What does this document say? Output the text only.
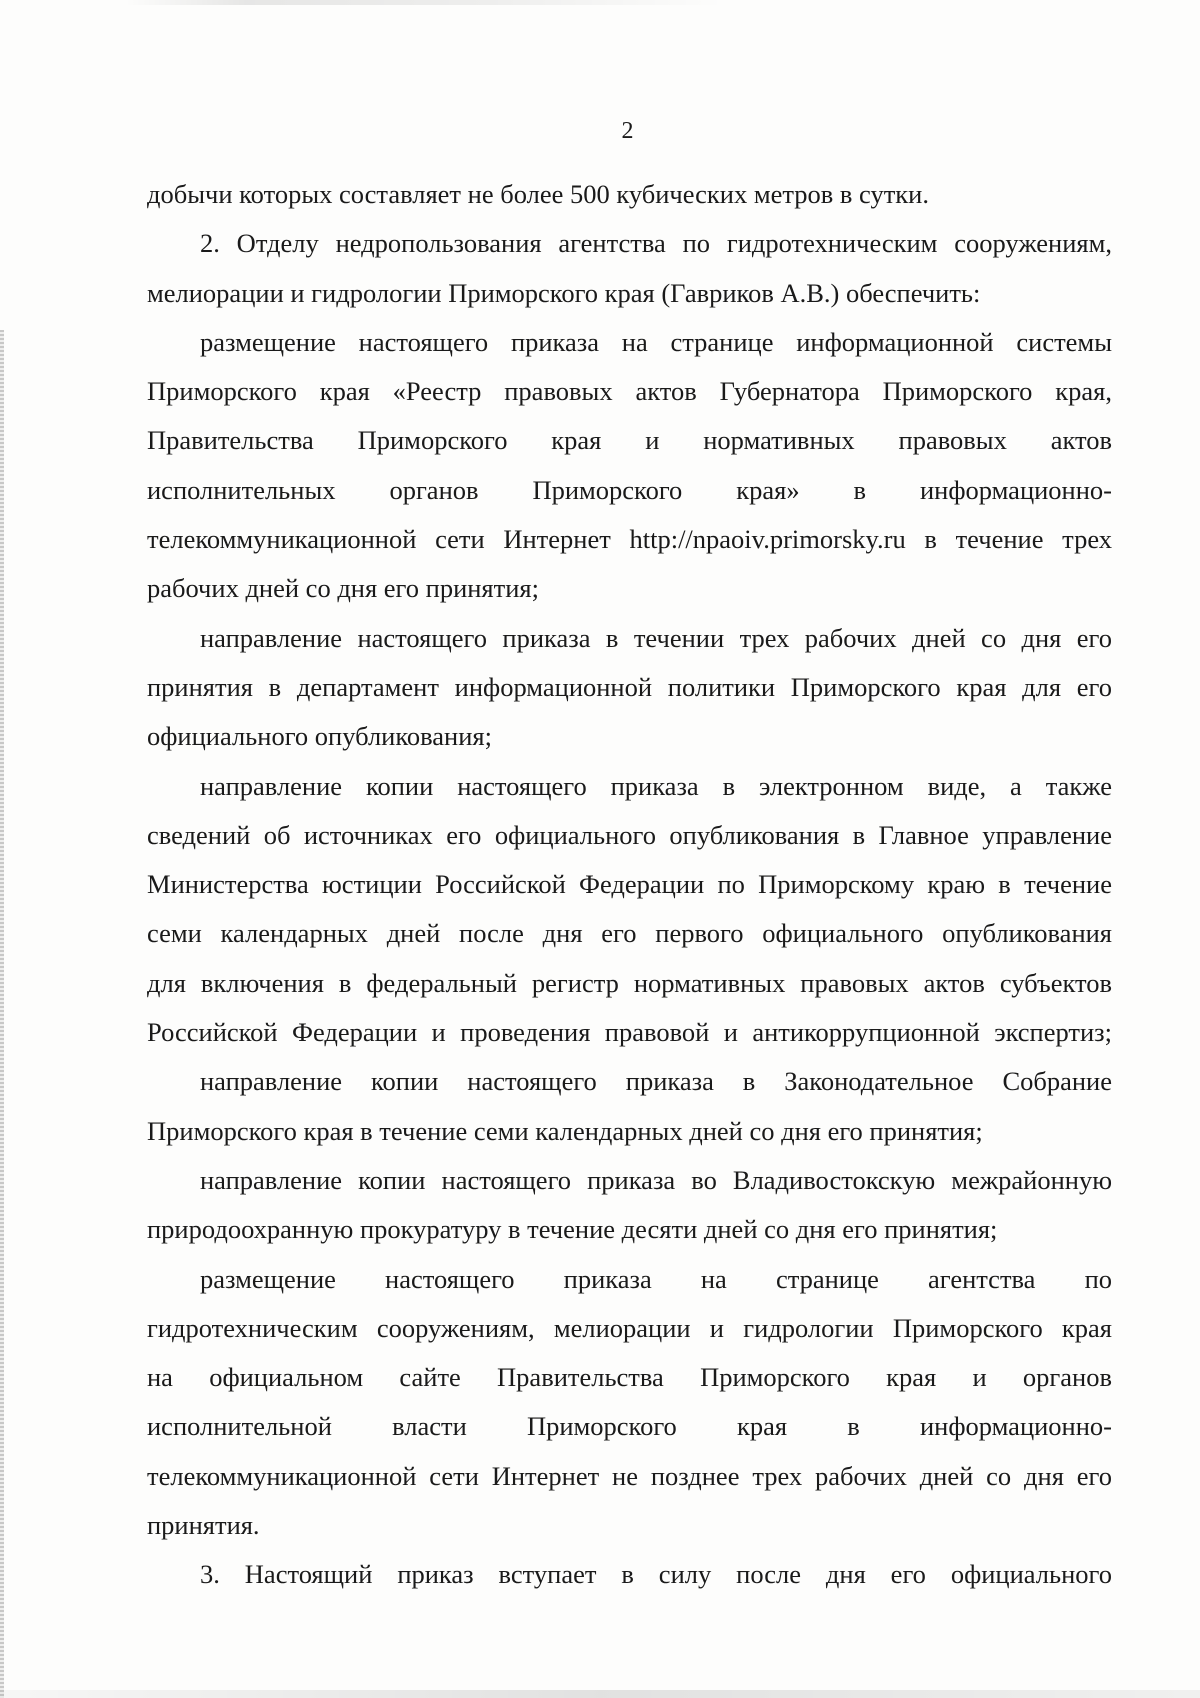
2
добычи которых составляет не более 500 кубических метров в сутки.
2. Отделу недропользования агентства по гидротехническим сооружениям,
мелиорации и гидрологии Приморского края (Гавриков А.В.) обеспечить:
размещение настоящего приказа на странице информационной системы
Приморского края «Реестр правовых актов Губернатора Приморского края,
Правительства Приморского края и нормативных правовых актов
исполнительных органов Приморского края» в информационно-
телекоммуникационной сети Интернет http://npaoiv.primorsky.ru в течение трех
рабочих дней со дня его принятия;
направление настоящего приказа в течении трех рабочих дней со дня его
принятия в департамент информационной политики Приморского края для его
официального опубликования;
направление копии настоящего приказа в электронном виде, а также
сведений об источниках его официального опубликования в Главное управление
Министерства юстиции Российской Федерации по Приморскому краю в течение
семи календарных дней после дня его первого официального опубликования
для включения в федеральный регистр нормативных правовых актов субъектов
Российской Федерации и проведения правовой и антикоррупционной экспертиз;
направление копии настоящего приказа в Законодательное Собрание
Приморского края в течение семи календарных дней со дня его принятия;
направление копии настоящего приказа во Владивостокскую межрайонную
природоохранную прокуратуру в течение десяти дней со дня его принятия;
размещение настоящего приказа на странице агентства по
гидротехническим сооружениям, мелиорации и гидрологии Приморского края
на официальном сайте Правительства Приморского края и органов
исполнительной власти Приморского края в информационно-
телекоммуникационной сети Интернет не позднее трех рабочих дней со дня его
принятия.
3. Настоящий приказ вступает в силу после дня его официального
